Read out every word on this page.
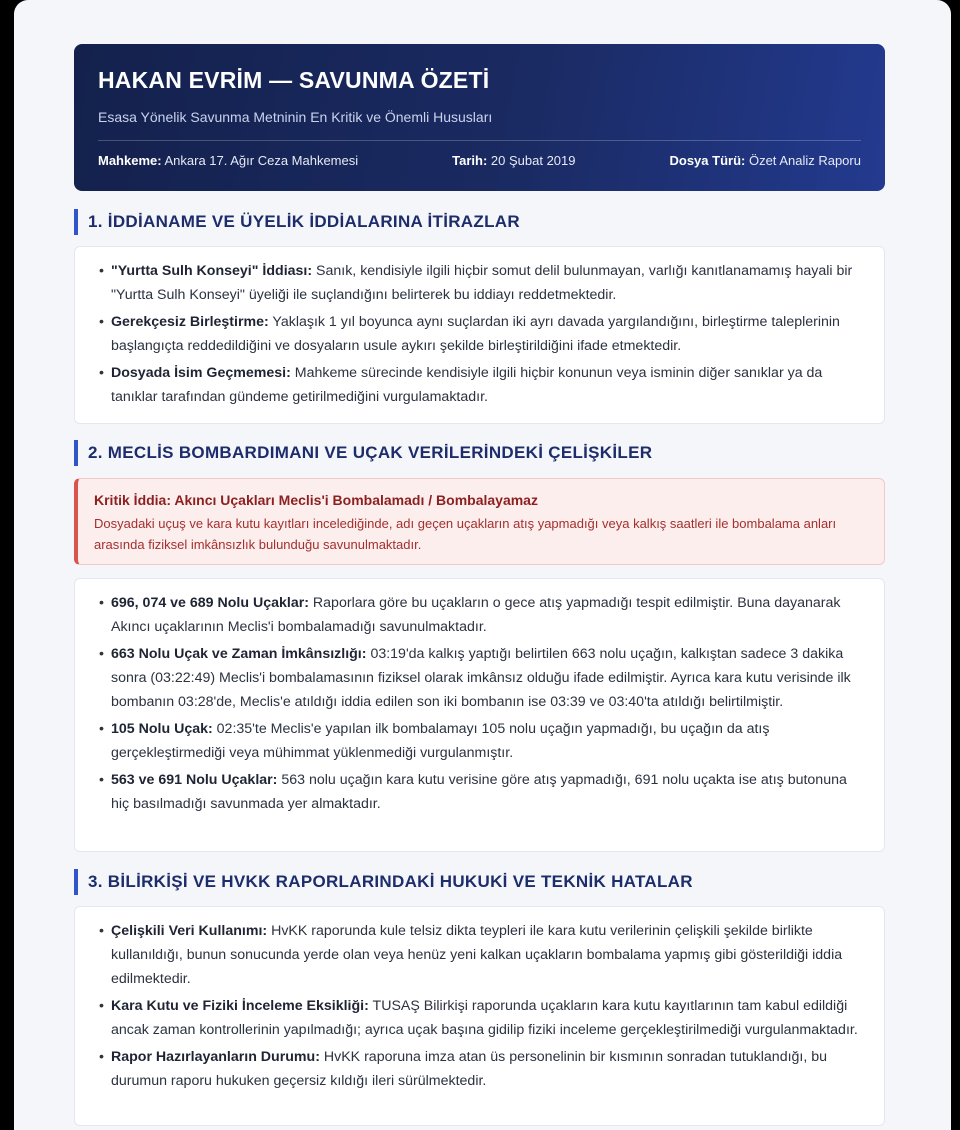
HAKAN EVRİM — SAVUNMA ÖZETİ
Esasa Yönelik Savunma Metninin En Kritik ve Önemli Hususları
Mahkeme: Ankara 17. Ağır Ceza Mahkemesi	Tarih: 20 Şubat 2019	Dosya Türü: Özet Analiz Raporu
1. İDDİANAME VE ÜYELİK İDDİALARINA İTİRAZLAR
• "Yurtta Sulh Konseyi" İddiası: Sanık, kendisiyle ilgili hiçbir somut delil bulunmayan, varlığı kanıtlanamamış hayali bir "Yurtta Sulh Konseyi" üyeliği ile suçlandığını belirterek bu iddiayı reddetmektedir.
• Gerekçesiz Birleştirme: Yaklaşık 1 yıl boyunca aynı suçlardan iki ayrı davada yargılandığını, birleştirme taleplerinin başlangıçta reddedildiğini ve dosyaların usule aykırı şekilde birleştirildiğini ifade etmektedir.
• Dosyada İsim Geçmemesi: Mahkeme sürecinde kendisiyle ilgili hiçbir konunun veya isminin diğer sanıklar ya da tanıklar tarafından gündeme getirilmediğini vurgulamaktadır.
2. MECLİS BOMBARDIMANI VE UÇAK VERİLERİNDEKİ ÇELİŞKİLER
Kritik İddia: Akıncı Uçakları Meclis'i Bombalamadı / Bombalayamaz
Dosyadaki uçuş ve kara kutu kayıtları incelediğinde, adı geçen uçakların atış yapmadığı veya kalkış saatleri ile bombalama anları arasında fiziksel imkânsızlık bulunduğu savunulmaktadır.
• 696, 074 ve 689 Nolu Uçaklar: Raporlara göre bu uçakların o gece atış yapmadığı tespit edilmiştir. Buna dayanarak Akıncı uçaklarının Meclis'i bombalamadığı savunulmaktadır.
• 663 Nolu Uçak ve Zaman İmkânsızlığı: 03:19'da kalkış yaptığı belirtilen 663 nolu uçağın, kalkıştan sadece 3 dakika sonra (03:22:49) Meclis'i bombalamasının fiziksel olarak imkânsız olduğu ifade edilmiştir. Ayrıca kara kutu verisinde ilk bombanın 03:28'de, Meclis'e atıldığı iddia edilen son iki bombanın ise 03:39 ve 03:40'ta atıldığı belirtilmiştir.
• 105 Nolu Uçak: 02:35'te Meclis'e yapılan ilk bombalamayı 105 nolu uçağın yapmadığı, bu uçağın da atış gerçekleştirmediği veya mühimmat yüklenmediği vurgulanmıştır.
• 563 ve 691 Nolu Uçaklar: 563 nolu uçağın kara kutu verisine göre atış yapmadığı, 691 nolu uçakta ise atış butonuna hiç basılmadığı savunmada yer almaktadır.
3. BİLİRKİŞİ VE HVKK RAPORLARINDAKİ HUKUKİ VE TEKNİK HATALAR
• Çelişkili Veri Kullanımı: HvKK raporunda kule telsiz dikta teypleri ile kara kutu verilerinin çelişkili şekilde birlikte kullanıldığı, bunun sonucunda yerde olan veya henüz yeni kalkan uçakların bombalama yapmış gibi gösterildiği iddia edilmektedir.
• Kara Kutu ve Fiziki İnceleme Eksikliği: TUSAŞ Bilirkişi raporunda uçakların kara kutu kayıtlarının tam kabul edildiği ancak zaman kontrollerinin yapılmadığı; ayrıca uçak başına gidilip fiziki inceleme gerçekleştirilmediği vurgulanmaktadır.
• Rapor Hazırlayanların Durumu: HvKK raporuna imza atan üs personelinin bir kısmının sonradan tutuklandığı, bu durumun raporu hukuken geçersiz kıldığı ileri sürülmektedir.
